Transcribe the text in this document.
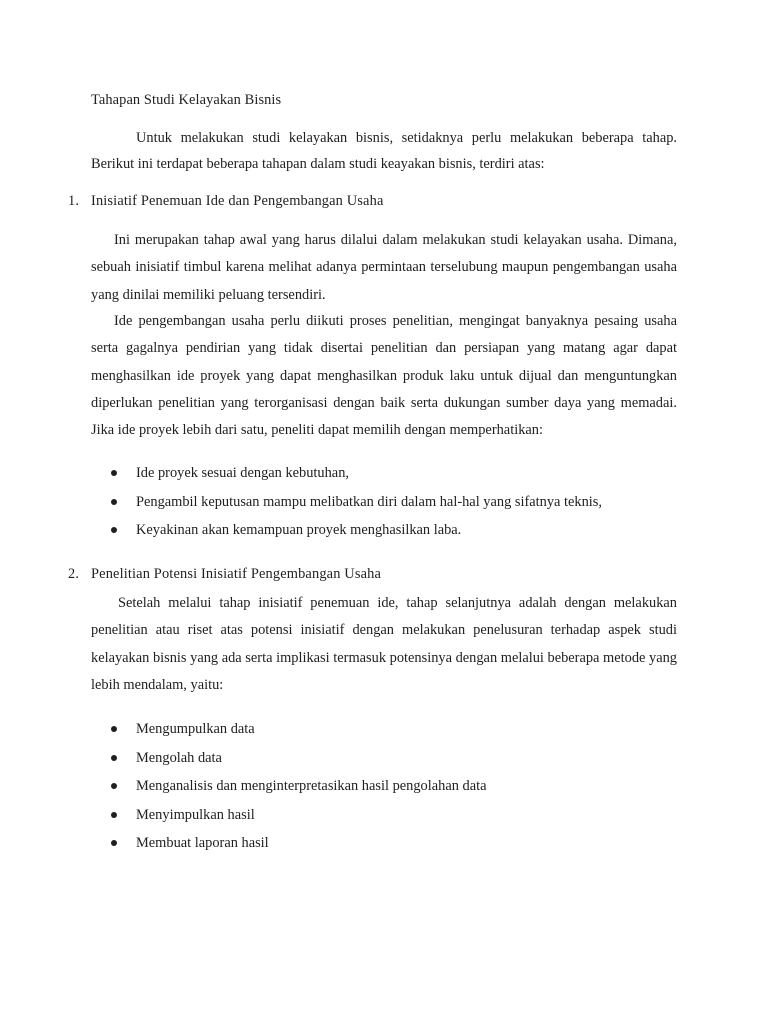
Tahapan Studi Kelayakan Bisnis

Untuk melakukan studi kelayakan bisnis, setidaknya perlu melakukan beberapa tahap. Berikut ini terdapat beberapa tahapan dalam studi keayakan bisnis, terdiri atas:

1. Inisiatif Penemuan Ide dan Pengembangan Usaha

Ini merupakan tahap awal yang harus dilalui dalam melakukan studi kelayakan usaha. Dimana, sebuah inisiatif timbul karena melihat adanya permintaan terselubung maupun pengembangan usaha yang dinilai memiliki peluang tersendiri.

Ide pengembangan usaha perlu diikuti proses penelitian, mengingat banyaknya pesaing usaha serta gagalnya pendirian yang tidak disertai penelitian dan persiapan yang matang agar dapat menghasilkan ide proyek yang dapat menghasilkan produk laku untuk dijual dan menguntungkan diperlukan penelitian yang terorganisasi dengan baik serta dukungan sumber daya yang memadai. Jika ide proyek lebih dari satu, peneliti dapat memilih dengan memperhatikan:

Ide proyek sesuai dengan kebutuhan,
Pengambil keputusan mampu melibatkan diri dalam hal-hal yang sifatnya teknis,
Keyakinan akan kemampuan proyek menghasilkan laba.
2. Penelitian Potensi Inisiatif Pengembangan Usaha

Setelah melalui tahap inisiatif penemuan ide, tahap selanjutnya adalah dengan melakukan penelitian atau riset atas potensi inisiatif dengan melakukan penelusuran terhadap aspek studi kelayakan bisnis yang ada serta implikasi termasuk potensinya dengan melalui beberapa metode yang lebih mendalam, yaitu:

Mengumpulkan data
Mengolah data
Menganalisis dan menginterpretasikan hasil pengolahan data
Menyimpulkan hasil
Membuat laporan hasil
